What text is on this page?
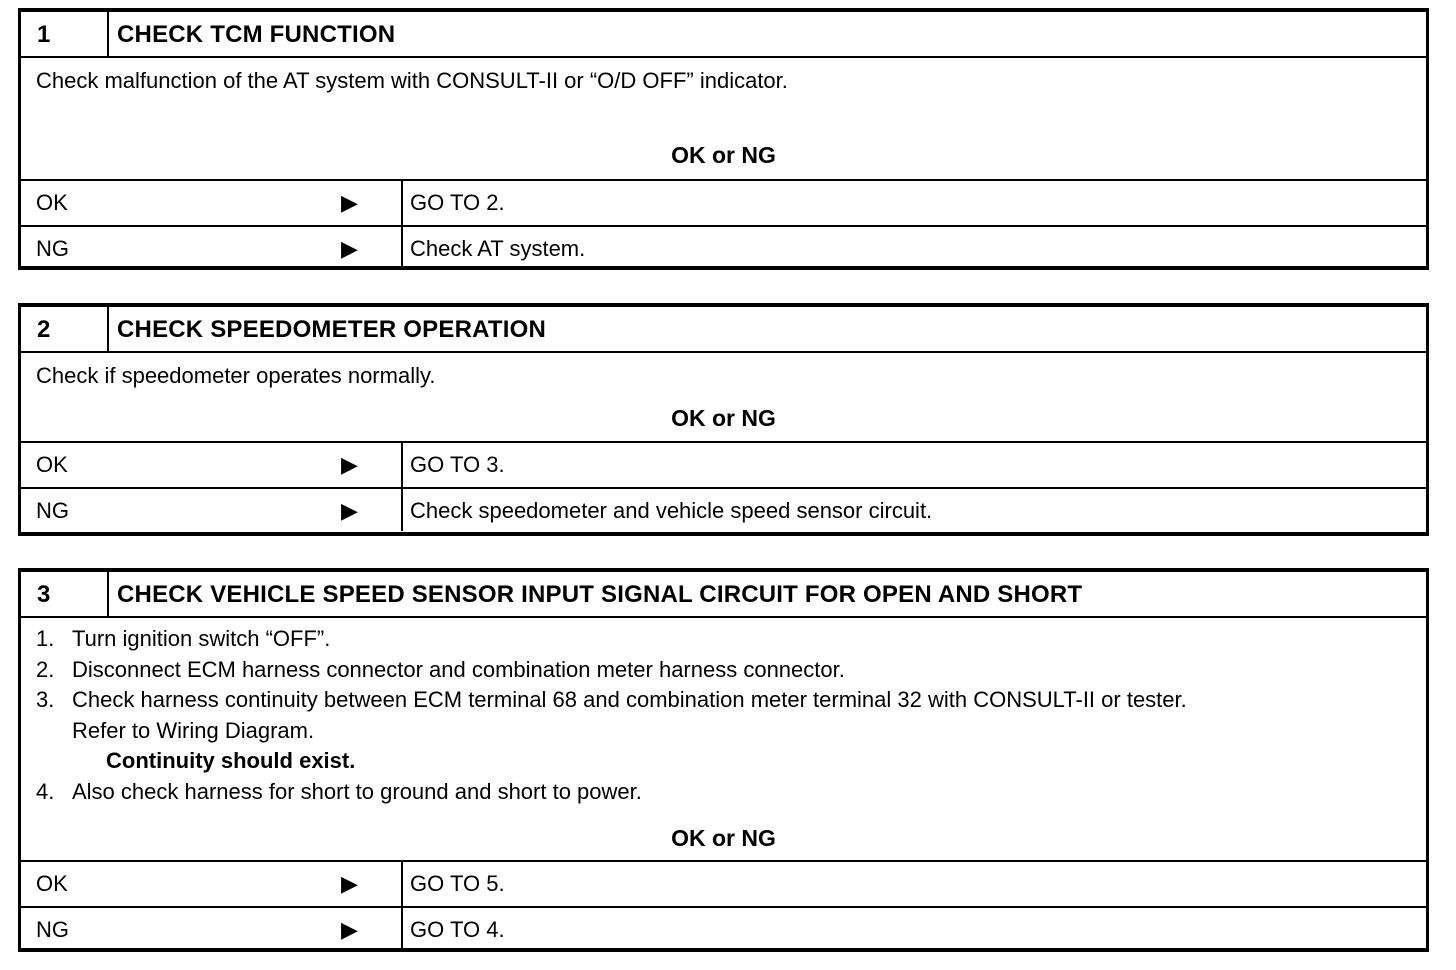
1	CHECK TCM FUNCTION
Check malfunction of the AT system with CONSULT-II or “O/D OFF” indicator.
OK or NG
OK	▶	GO TO 2.
NG	▶	Check AT system.
2	CHECK SPEEDOMETER OPERATION
Check if speedometer operates normally.
OK or NG
OK	▶	GO TO 3.
NG	▶	Check speedometer and vehicle speed sensor circuit.
3	CHECK VEHICLE SPEED SENSOR INPUT SIGNAL CIRCUIT FOR OPEN AND SHORT
1. Turn ignition switch “OFF”.
2. Disconnect ECM harness connector and combination meter harness connector.
3. Check harness continuity between ECM terminal 68 and combination meter terminal 32 with CONSULT-II or tester.
Refer to Wiring Diagram.
Continuity should exist.
4. Also check harness for short to ground and short to power.
OK or NG
OK	▶	GO TO 5.
NG	▶	GO TO 4.
